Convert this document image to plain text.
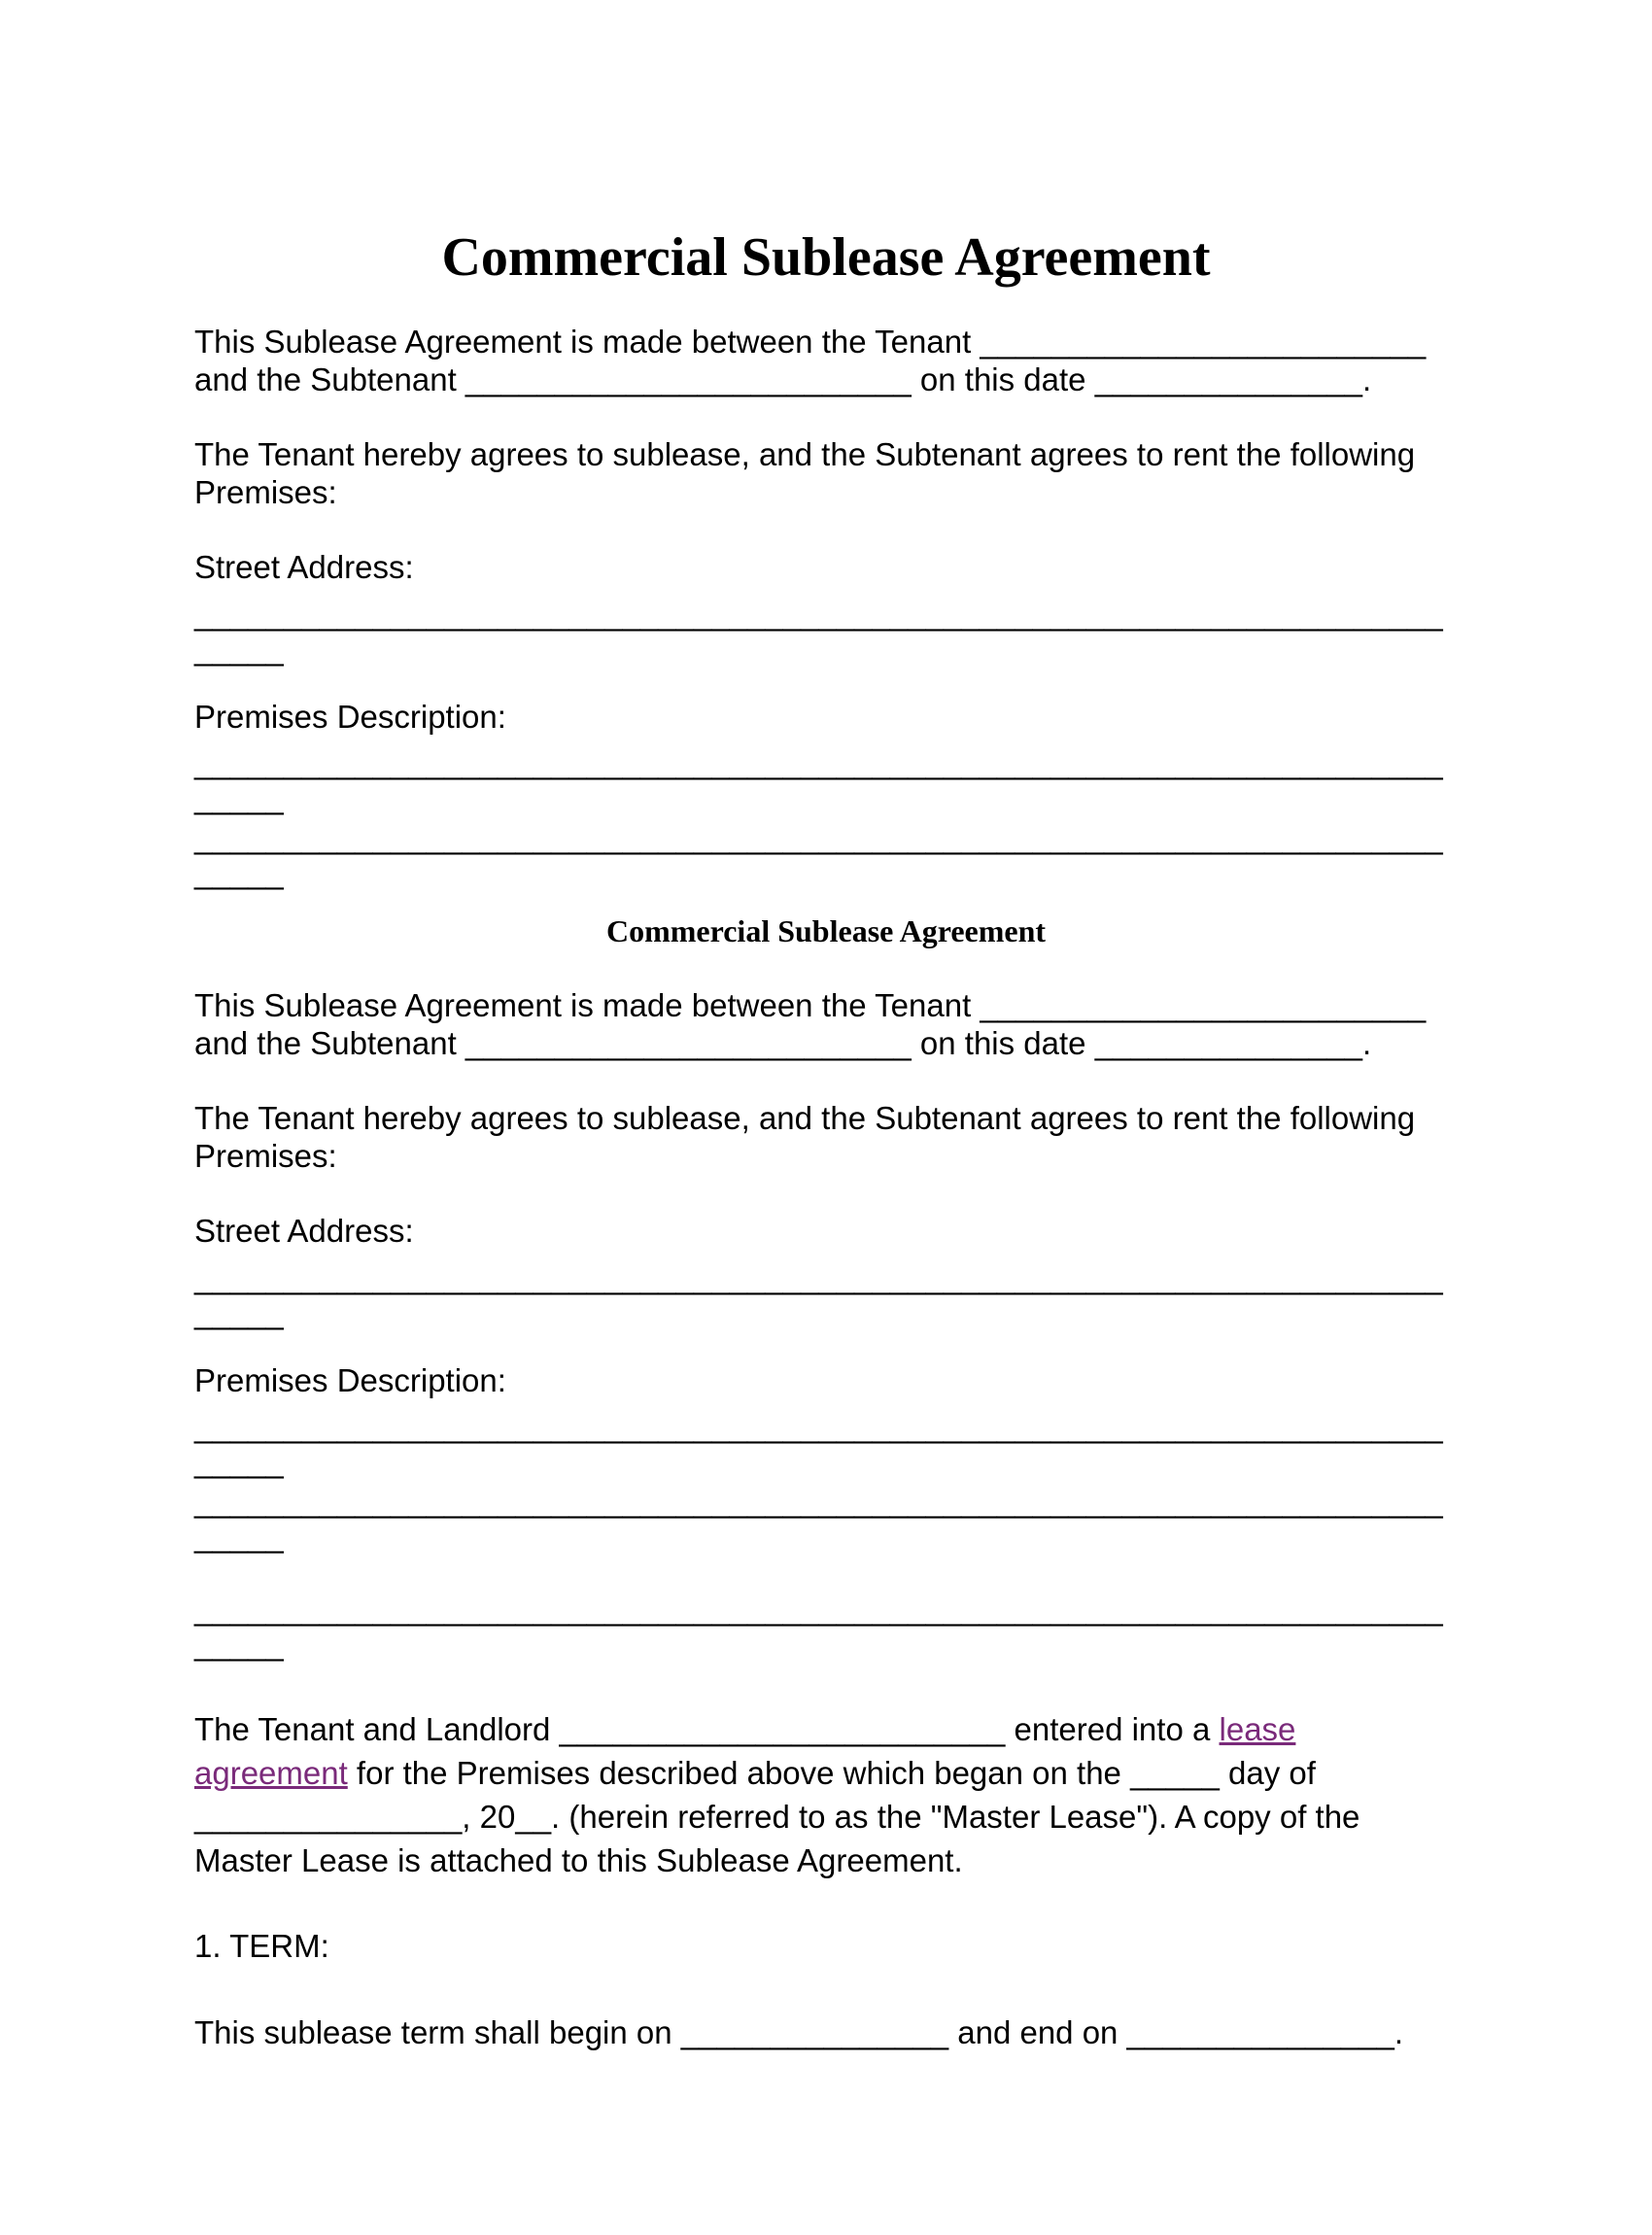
Commercial Sublease Agreement

This Sublease Agreement is made between the Tenant _________________________

and the Subtenant _________________________ on this date _______________.

The Tenant hereby agrees to sublease, and the Subtenant agrees to rent the following

Premises:

Street Address:

______________________________________________________________________

_____

Premises Description:

______________________________________________________________________

_____

______________________________________________________________________

_____

Commercial Sublease Agreement

This Sublease Agreement is made between the Tenant _________________________

and the Subtenant _________________________ on this date _______________.

The Tenant hereby agrees to sublease, and the Subtenant agrees to rent the following

Premises:

Street Address:

______________________________________________________________________

_____

Premises Description:

______________________________________________________________________

_____

______________________________________________________________________

_____

______________________________________________________________________

_____

The Tenant and Landlord _________________________ entered into a lease

agreement for the Premises described above which began on the _____ day of

_______________, 20__. (herein referred to as the "Master Lease"). A copy of the

Master Lease is attached to this Sublease Agreement.

1. TERM:

This sublease term shall begin on _______________ and end on _______________.
